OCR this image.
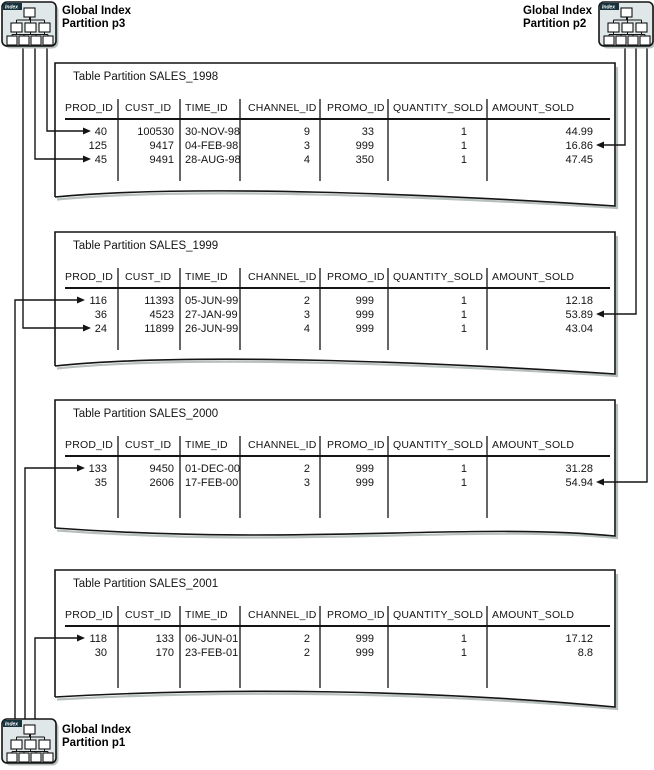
Table Partition SALES_1998
PROD_ID CUST_ID TIME_ID CHANNEL_ID PROMO_ID QUANTITY_SOLD AMOUNT_SOLD
40	100530 30-NOV-98	9	33	1	44.99
125	9417 04-FEB-98	3	999	1	16.86
45	9491 28-AUG-98	4	350	1	47.45
Table Partition SALES_1999
PROD_ID CUST_ID TIME_ID CHANNEL_ID PROMO_ID QUANTITY_SOLD AMOUNT_SOLD
116	11393 05-JUN-99	2	999	1	12.18
36	4523 27-JAN-99	3	999	1	53.89
24	11899 26-JUN-99	4	999	1	43.04
Table Partition SALES_2000
PROD_ID CUST_ID TIME_ID CHANNEL_ID PROMO_ID QUANTITY_SOLD AMOUNT_SOLD
133	9450 01-DEC-00	2	999	1	31.28
35	2606 17-FEB-00	3	999	1	54.94
Table Partition SALES_2001
PROD_ID CUST_ID TIME_ID CHANNEL_ID PROMO_ID QUANTITY_SOLD AMOUNT_SOLD
118	133 06-JUN-01	2	999	1	17.12
30	170 23-FEB-01	2	999	1	8.8
Index	Index
Index
Global Index
Partition p3
Global Index
Partition p2
Global Index
Partition p1
